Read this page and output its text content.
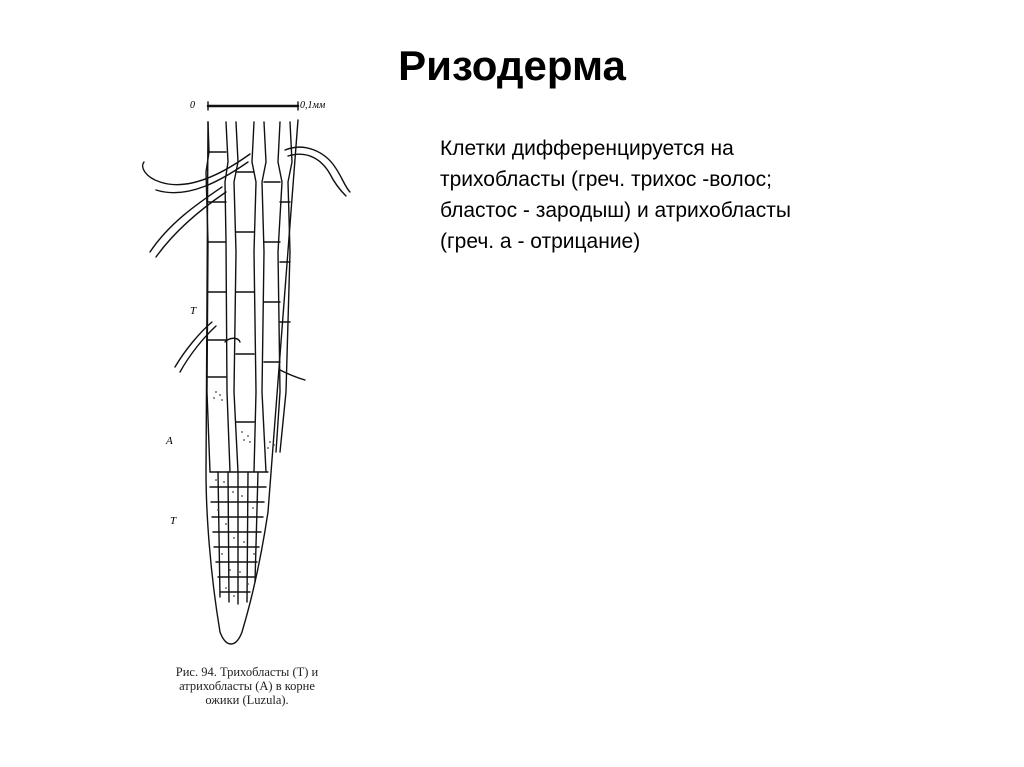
Ризодерма
Клетки дифференцируется на
трихобласты (греч. трихос -волос;
бластос - зародыш) и атрихобласты
(греч. а - отрицание)
0	0,1мм
Т
А
Т
Рис. 94. Трихобласты (Т) и
атрихобласты (А) в корне
ожики (Luzula).
